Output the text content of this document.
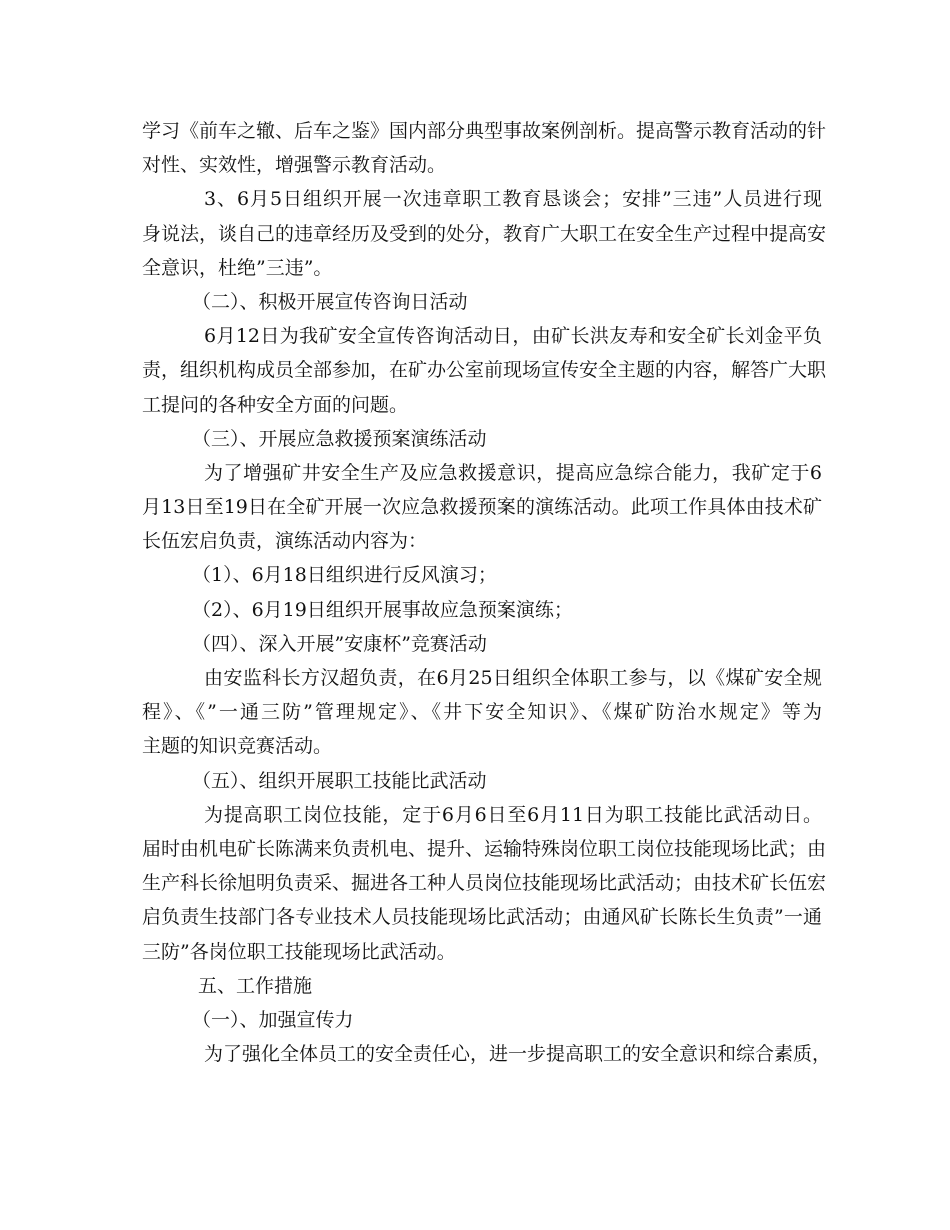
学习《前车之辙、后车之鉴》国内部分典型事故案例剖析。提高警示教育活动的针
对性、实效性，增强警示教育活动。
3、6月5日组织开展一次违章职工教育恳谈会；安排”三违”人员进行现
身说法，谈自己的违章经历及受到的处分，教育广大职工在安全生产过程中提高安
全意识，杜绝”三违”。
（二）、积极开展宣传咨询日活动
6月12日为我矿安全宣传咨询活动日，由矿长洪友寿和安全矿长刘金平负
责，组织机构成员全部参加，在矿办公室前现场宣传安全主题的内容，解答广大职
工提问的各种安全方面的问题。
（三）、开展应急救援预案演练活动
为了增强矿井安全生产及应急救援意识，提高应急综合能力，我矿定于6
月13日至19日在全矿开展一次应急救援预案的演练活动。此项工作具体由技术矿
长伍宏启负责，演练活动内容为：
（1）、6月18日组织进行反风演习；
（2）、6月19日组织开展事故应急预案演练；
（四）、深入开展”安康杯”竞赛活动
由安监科长方汉超负责，在6月25日组织全体职工参与，以《煤矿安全规
程》、《”一通三防”管理规定》、《井下安全知识》、《煤矿防治水规定》等为
主题的知识竞赛活动。
（五）、组织开展职工技能比武活动
为提高职工岗位技能，定于6月6日至6月11日为职工技能比武活动日。
届时由机电矿长陈满来负责机电、提升、运输特殊岗位职工岗位技能现场比武；由
生产科长徐旭明负责采、掘进各工种人员岗位技能现场比武活动；由技术矿长伍宏
启负责生技部门各专业技术人员技能现场比武活动；由通风矿长陈长生负责”一通
三防”各岗位职工技能现场比武活动。
五、工作措施
（一）、加强宣传力
为了强化全体员工的安全责任心，进一步提高职工的安全意识和综合素质，
